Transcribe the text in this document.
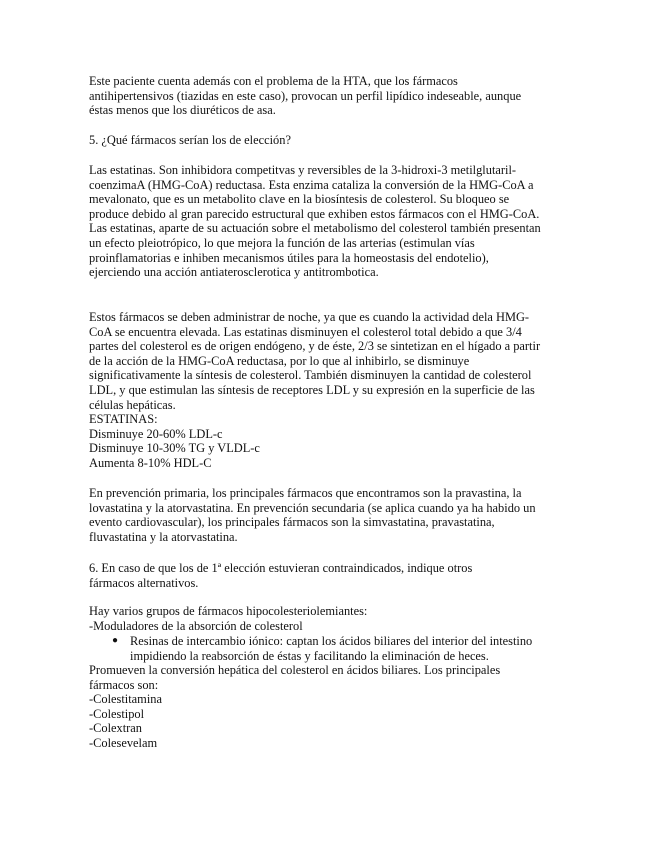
Este paciente cuenta además con el problema de la HTA, que los fármacos
antihipertensivos (tiazidas en este caso), provocan un perfil lipídico indeseable, aunque
éstas menos que los diuréticos de asa.
5. ¿Qué fármacos serían los de elección?
Las estatinas. Son inhibidora competitvas y reversibles de la 3-hidroxi-3 metilglutaril-
coenzimaA (HMG-CoA) reductasa. Esta enzima cataliza la conversión de la HMG-CoA a
mevalonato, que es un metabolito clave en la biosíntesis de colesterol. Su bloqueo se
produce debido al gran parecido estructural que exhiben estos fármacos con el HMG-CoA.
Las estatinas, aparte de su actuación sobre el metabolismo del colesterol también presentan
un efecto pleiotrópico, lo que mejora la función de las arterias (estimulan vías
proinflamatorias e inhiben mecanismos útiles para la homeostasis del endotelio),
ejerciendo una acción antiateroscleroticа y antitrombotica.
Estos fármacos se deben administrar de noche, ya que es cuando la actividad dela HMG-
CoA se encuentra elevada. Las estatinas disminuyen el colesterol total debido a que 3/4
partes del colesterol es de origen endógeno, y de éste, 2/3 se sintetizan en el hígado a partir
de la acción de la HMG-CoA reductasa, por lo que al inhibirlo, se disminuye
significativamente la síntesis de colesterol. También disminuyen la cantidad de colesterol
LDL, y que estimulan las síntesis de receptores LDL y su expresión en la superficie de las
células hepáticas.
ESTATINAS:
Disminuye 20-60% LDL-c
Disminuye 10-30% TG y VLDL-c
Aumenta 8-10% HDL-C
En prevención primaria, los principales fármacos que encontramos son la pravastina, la
lovastatina y la atorvastatina. En prevención secundaria (se aplica cuando ya ha habido un
evento cardiovascular), los principales fármacos son la simvastatina, pravastatina,
fluvastatina y la atorvastatina.
6. En caso de que los de 1ª elección estuvieran contraindicados, indique otros
fármacos alternativos.
Hay varios grupos de fármacos hipocolesteriolemiantes:
-Moduladores de la absorción de colesterol
● Resinas de intercambio iónico: captan los ácidos biliares del interior del intestino
impidiendo la reabsorción de éstas y facilitando la eliminación de heces.
Promueven la conversión hepática del colesterol en ácidos biliares. Los principales
fármacos son:
-Colestitamina
-Colestipol
-Colextran
-Colesevelam
